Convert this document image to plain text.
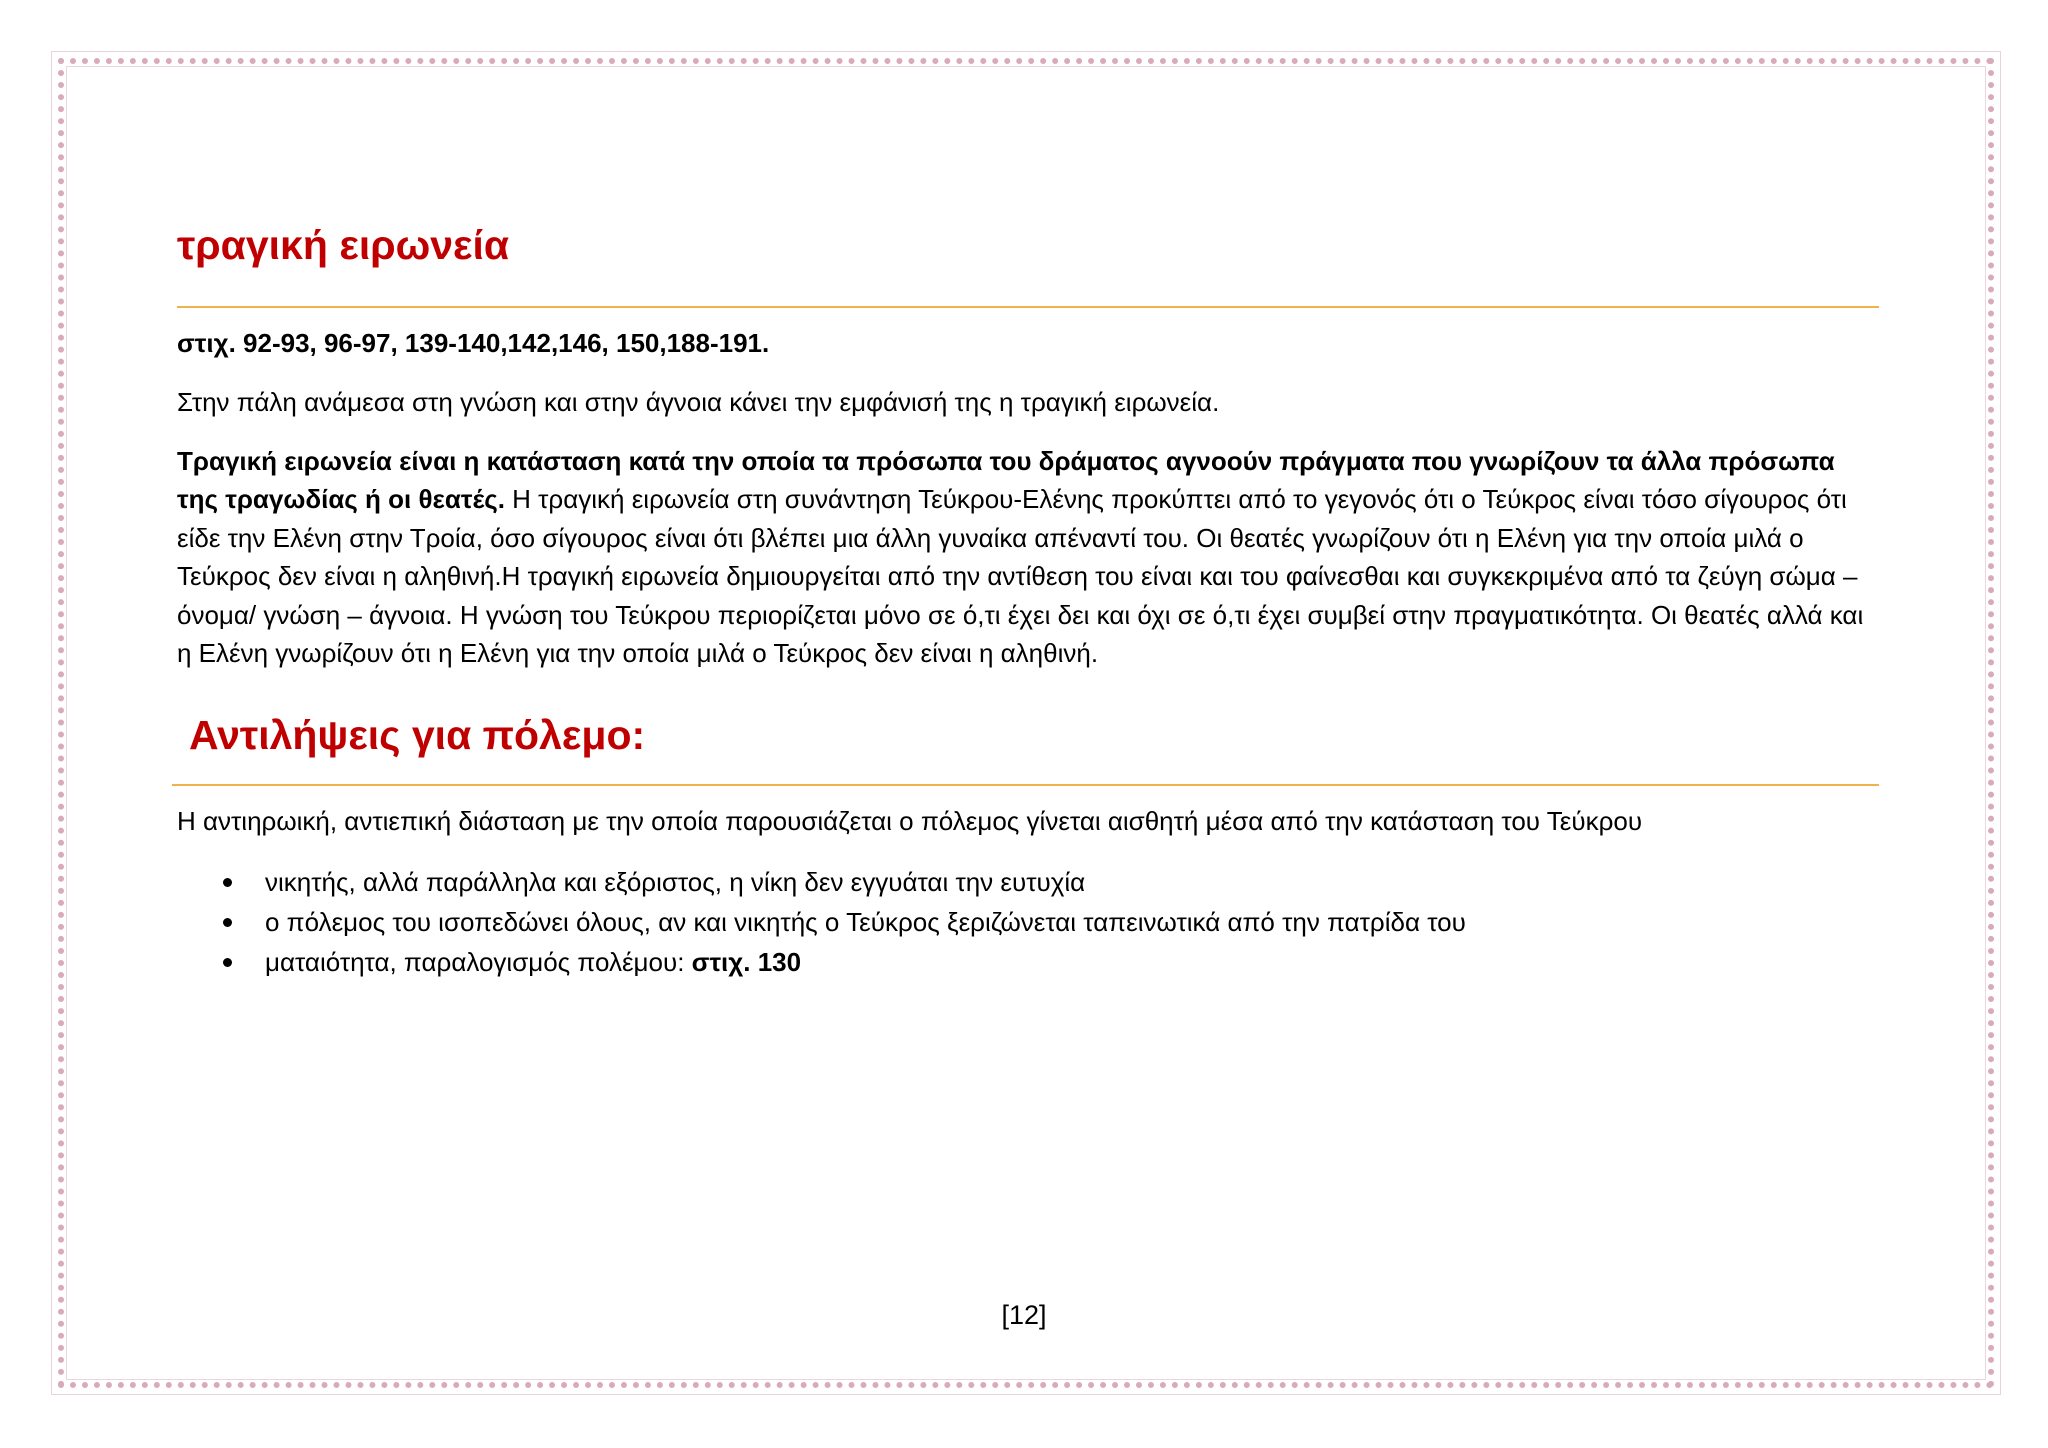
τραγική ειρωνεία

στιχ. 92-93, 96-97, 139-140,142,146, 150,188-191.

Στην πάλη ανάμεσα στη γνώση και στην άγνοια κάνει την εμφάνισή της η τραγική ειρωνεία.

Τραγική ειρωνεία είναι η κατάσταση κατά την οποία τα πρόσωπα του δράματος αγνοούν πράγματα που γνωρίζουν τα άλλα πρόσωπα της τραγωδίας ή οι θεατές. Η τραγική ειρωνεία στη συνάντηση Τεύκρου-Ελένης προκύπτει από το γεγονός ότι ο Τεύκρος είναι τόσο σίγουρος ότι είδε την Ελένη στην Τροία, όσο σίγουρος είναι ότι βλέπει μια άλλη γυναίκα απέναντί του. Οι θεατές γνωρίζουν ότι η Ελένη για την οποία μιλά ο Τεύκρος δεν είναι η αληθινή.Η τραγική ειρωνεία δημιουργείται από την αντίθεση του είναι και του φαίνεσθαι και συγκεκριμένα από τα ζεύγη σώμα – όνομα/ γνώση – άγνοια. Η γνώση του Τεύκρου περιορίζεται μόνο σε ό,τι έχει δει και όχι σε ό,τι έχει συμβεί στην πραγματικότητα. Οι θεατές αλλά και η Ελένη γνωρίζουν ότι η Ελένη για την οποία μιλά ο Τεύκρος δεν είναι η αληθινή.

Αντιλήψεις για πόλεμο:

Η αντιηρωική, αντιεπική διάσταση με την οποία παρουσιάζεται ο πόλεμος γίνεται αισθητή μέσα από την κατάσταση του Τεύκρου

νικητής, αλλά παράλληλα και εξόριστος, η νίκη δεν εγγυάται την ευτυχία
ο πόλεμος του ισοπεδώνει όλους, αν και νικητής ο Τεύκρος ξεριζώνεται ταπεινωτικά από την πατρίδα του
ματαιότητα, παραλογισμός πολέμου: στιχ. 130
[12]
